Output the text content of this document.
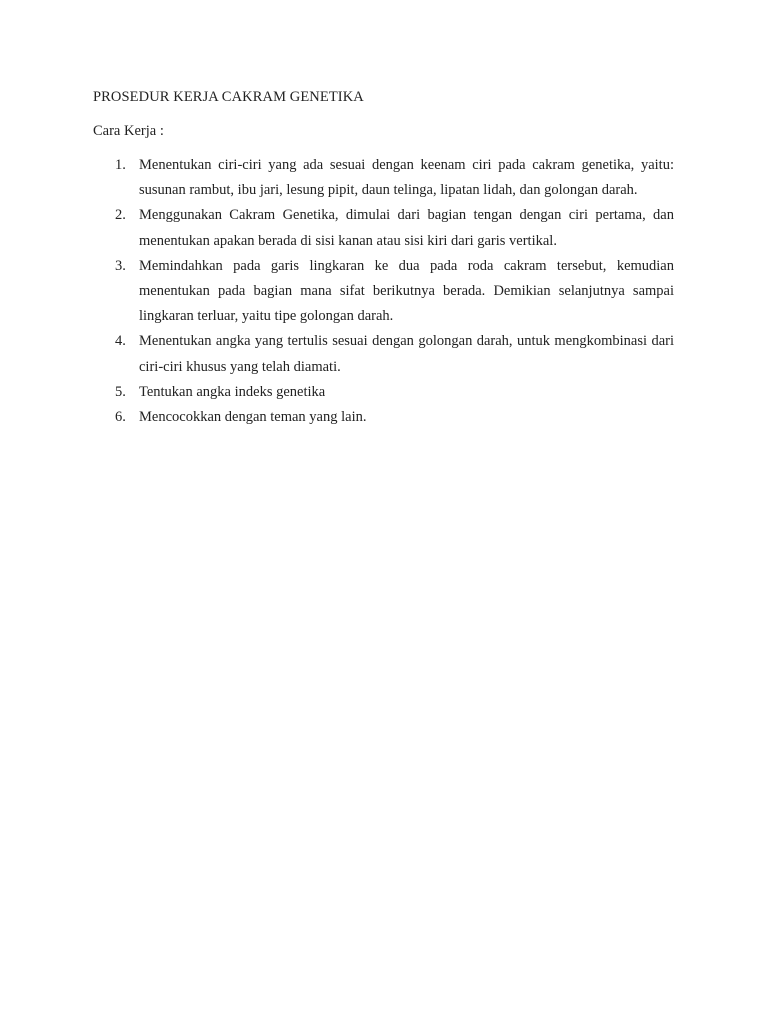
PROSEDUR KERJA CAKRAM GENETIKA

Cara Kerja :

1. Menentukan ciri-ciri yang ada sesuai dengan keenam ciri pada cakram genetika, yaitu: susunan rambut, ibu jari, lesung pipit, daun telinga, lipatan lidah, dan golongan darah.
2. Menggunakan Cakram Genetika, dimulai dari bagian tengan dengan ciri pertama, dan menentukan apakan berada di sisi kanan atau sisi kiri dari garis vertikal.
3. Memindahkan pada garis lingkaran ke dua pada roda cakram tersebut, kemudian menentukan pada bagian mana sifat berikutnya berada. Demikian selanjutnya sampai lingkaran terluar, yaitu tipe golongan darah.
4. Menentukan angka yang tertulis sesuai dengan golongan darah, untuk mengkombinasi dari ciri-ciri khusus yang telah diamati.
5. Tentukan angka indeks genetika
6. Mencocokkan dengan teman yang lain.
